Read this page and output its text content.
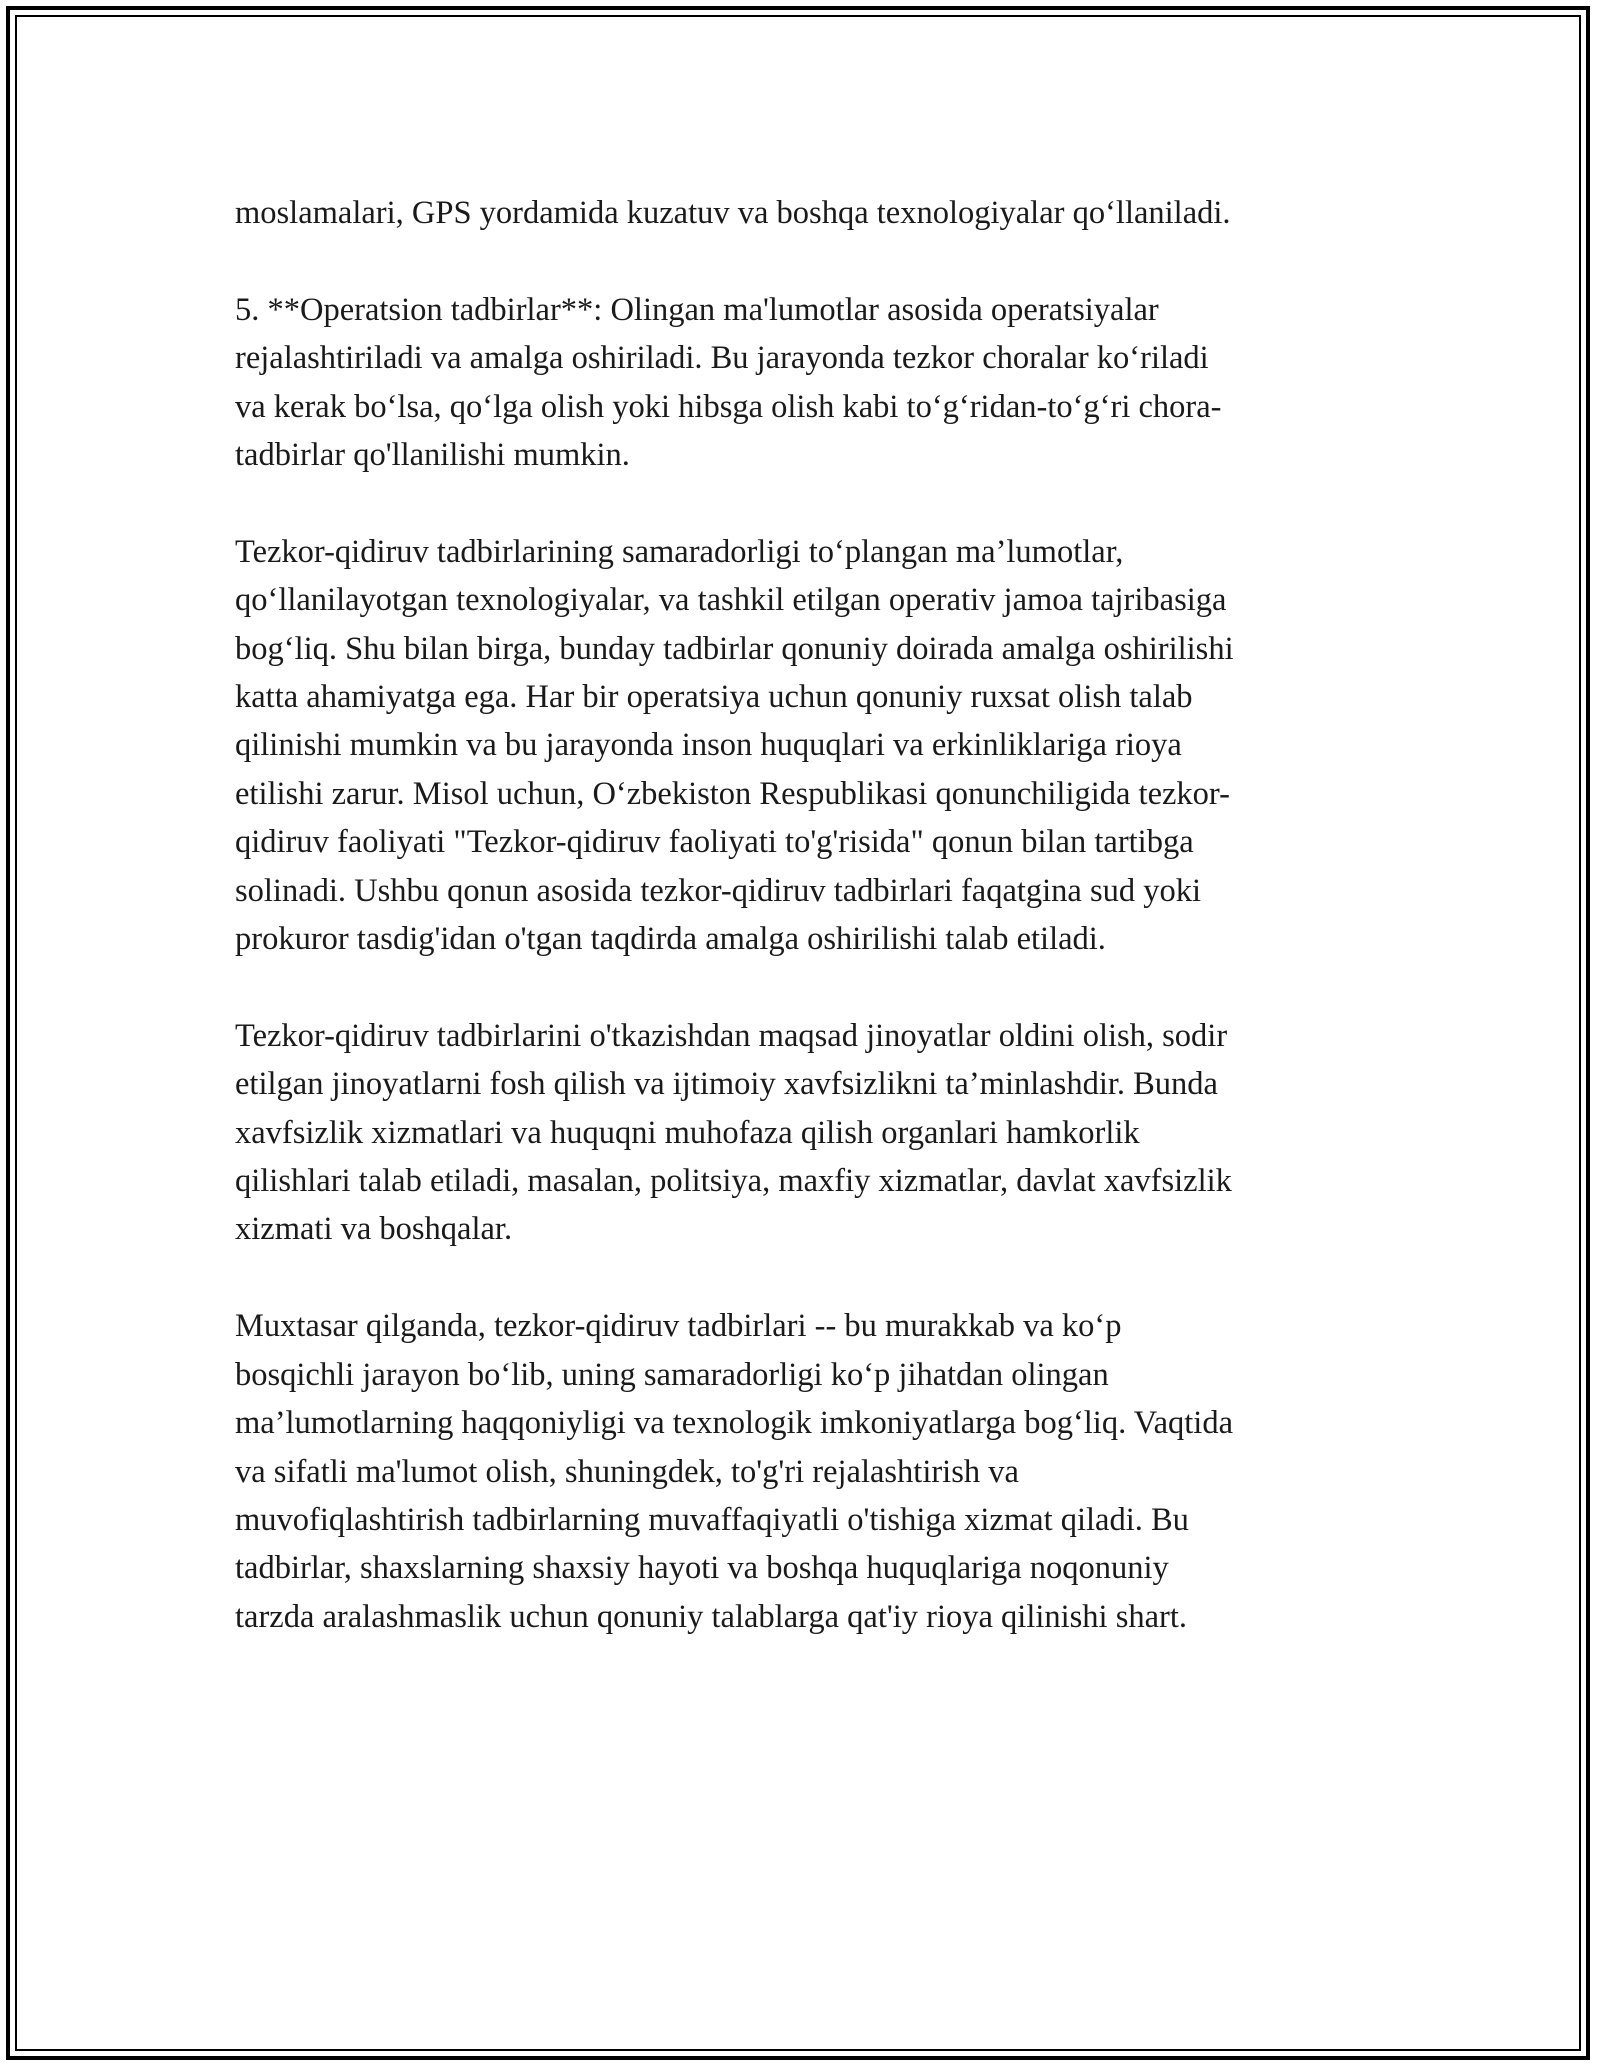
moslamalari, GPS yordamida kuzatuv va boshqa texnologiyalar qo‘llaniladi.

5. **Operatsion tadbirlar**: Olingan ma'lumotlar asosida operatsiyalar
rejalashtiriladi va amalga oshiriladi. Bu jarayonda tezkor choralar ko‘riladi
va kerak bo‘lsa, qo‘lga olish yoki hibsga olish kabi to‘g‘ridan-to‘g‘ri chora-
tadbirlar qo'llanilishi mumkin.

Tezkor-qidiruv tadbirlarining samaradorligi to‘plangan ma’lumotlar,
qo‘llanilayotgan texnologiyalar, va tashkil etilgan operativ jamoa tajribasiga
bog‘liq. Shu bilan birga, bunday tadbirlar qonuniy doirada amalga oshirilishi
katta ahamiyatga ega. Har bir operatsiya uchun qonuniy ruxsat olish talab
qilinishi mumkin va bu jarayonda inson huquqlari va erkinliklariga rioya
etilishi zarur. Misol uchun, O‘zbekiston Respublikasi qonunchiligida tezkor-
qidiruv faoliyati "Tezkor-qidiruv faoliyati to'g'risida" qonun bilan tartibga
solinadi. Ushbu qonun asosida tezkor-qidiruv tadbirlari faqatgina sud yoki
prokuror tasdig'idan o'tgan taqdirda amalga oshirilishi talab etiladi.

Tezkor-qidiruv tadbirlarini o'tkazishdan maqsad jinoyatlar oldini olish, sodir
etilgan jinoyatlarni fosh qilish va ijtimoiy xavfsizlikni ta’minlashdir. Bunda
xavfsizlik xizmatlari va huquqni muhofaza qilish organlari hamkorlik
qilishlari talab etiladi, masalan, politsiya, maxfiy xizmatlar, davlat xavfsizlik
xizmati va boshqalar.

Muxtasar qilganda, tezkor-qidiruv tadbirlari -- bu murakkab va ko‘p
bosqichli jarayon bo‘lib, uning samaradorligi ko‘p jihatdan olingan
ma’lumotlarning haqqoniyligi va texnologik imkoniyatlarga bog‘liq. Vaqtida
va sifatli ma'lumot olish, shuningdek, to'g'ri rejalashtirish va
muvofiqlashtirish tadbirlarning muvaffaqiyatli o'tishiga xizmat qiladi. Bu
tadbirlar, shaxslarning shaxsiy hayoti va boshqa huquqlariga noqonuniy
tarzda aralashmaslik uchun qonuniy talablarga qat'iy rioya qilinishi shart.
